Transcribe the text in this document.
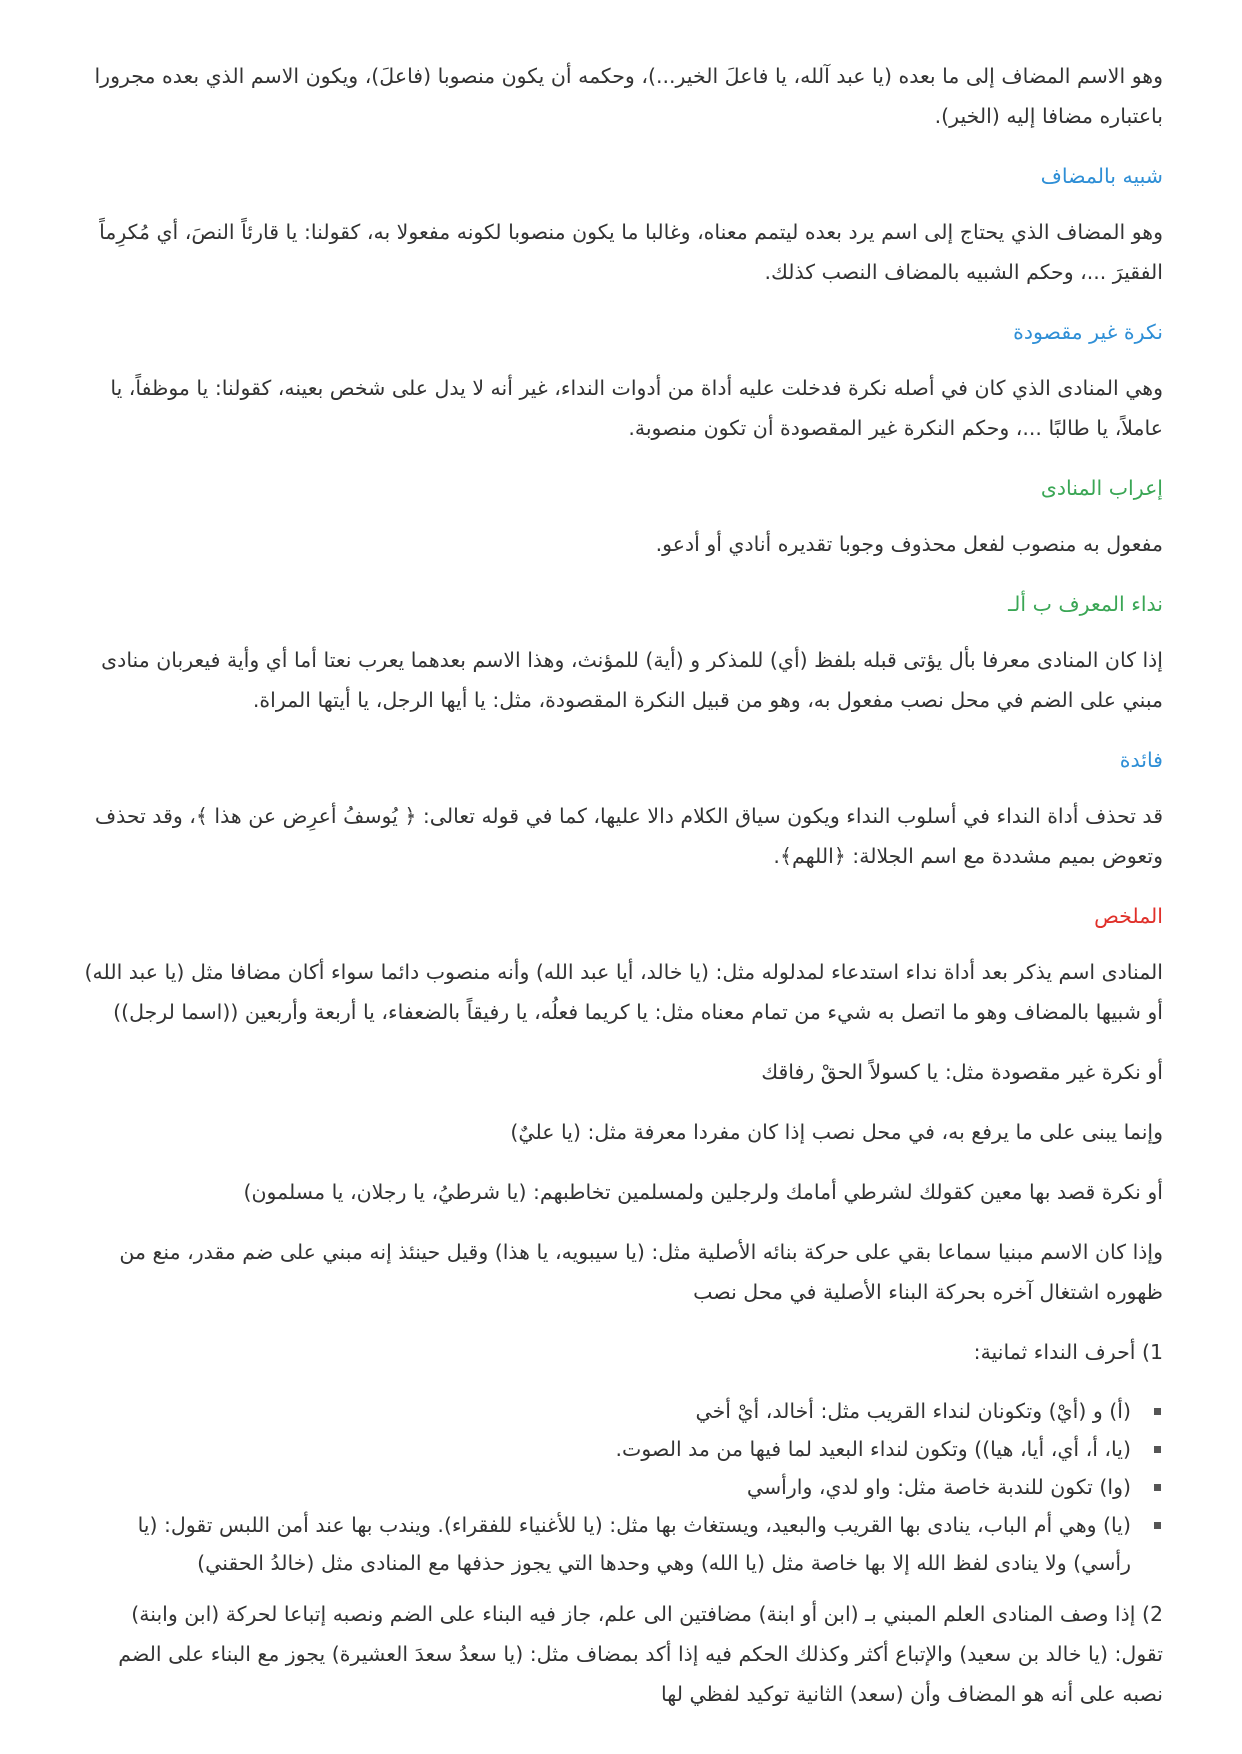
وهو الاسم المضاف إلى ما بعده (يا عبد آلله، يا فاعلَ الخير...)، وحكمه أن يكون منصوبا (فاعلَ)، ويكون الاسم الذي بعده مجرورا باعتباره مضافا إليه (الخير).

شبيه بالمضاف

وهو المضاف الذي يحتاج إلى اسم يرد بعده ليتمم معناه، وغالبا ما يكون منصوبا لكونه مفعولا به، كقولنا: يا قارئاً النصَ، أي مُكرِماً الفقيرَ ...، وحكم الشبيه بالمضاف النصب كذلك.

نكرة غير مقصودة

وهي المنادى الذي كان في أصله نكرة فدخلت عليه أداة من أدوات النداء، غير أنه لا يدل على شخص بعينه، كقولنا: يا موظفاً، يا عاملاً، يا طالبًا ...، وحكم النكرة غير المقصودة أن تكون منصوبة.

إعراب المنادى

مفعول به منصوب لفعل محذوف وجوبا تقديره أنادي أو أدعو.

نداء المعرف ب ألـ

إذا كان المنادى معرفا بأل يؤتى قبله بلفظ (أي) للمذكر و (أية) للمؤنث، وهذا الاسم بعدهما يعرب نعتا أما أي وأية فيعربان منادى مبني على الضم في محل نصب مفعول به، وهو من قبيل النكرة المقصودة، مثل: يا أيها الرجل، يا أيتها المراة.

فائدة

قد تحذف أداة النداء في أسلوب النداء ويكون سياق الكلام دالا عليها، كما في قوله تعالى: ﴿ يُوسفُ أعرِض عن هذا ﴾، وقد تحذف وتعوض بميم مشددة مع اسم الجلالة: ﴿اللهم﴾.

الملخص

المنادى اسم يذكر بعد أداة نداء استدعاء لمدلوله مثل: (يا خالد، أيا عبد الله) وأنه منصوب دائما سواء أكان مضافا مثل (يا عبد الله) أو شبيها بالمضاف وهو ما اتصل به شيء من تمام معناه مثل: يا كريما فعلُه، يا رفيقاً بالضعفاء، يا أربعة وأربعين ((اسما لرجل))

أو نكرة غير مقصودة مثل: يا كسولاً الحقْ رفاقك

وإنما يبنى على ما يرفع به، في محل نصب إذا كان مفردا معرفة مثل: (يا عليٌ)

أو نكرة قصد بها معين كقولك لشرطي أمامك ولرجلين ولمسلمين تخاطبهم: (يا شرطيُ، يا رجلان، يا مسلمون)

وإذا كان الاسم مبنيا سماعا بقي على حركة بنائه الأصلية مثل: (يا سيبويه، يا هذا) وقيل حينئذ إنه مبني على ضم مقدر، منع من ظهوره اشتغال آخره بحركة البناء الأصلية في محل نصب

1) أحرف النداء ثمانية:

(أ) و (أيْ) وتكونان لنداء القريب مثل: أخالد، أيْ أخي
(يا، أ، أي، أيا، هيا)) وتكون لنداء البعيد لما فيها من مد الصوت.
(وا) تكون للندبة خاصة مثل: واو لدي، وارأسي
(يا) وهي أم الباب، ينادى بها القريب والبعيد، ويستغاث بها مثل: (يا للأغنياء للفقراء). ويندب بها عند أمن اللبس تقول: (يا رأسي) ولا ينادى لفظ الله إلا بها خاصة مثل (يا الله) وهي وحدها التي يجوز حذفها مع المنادى مثل (خالدُ الحقني)

2) إذا وصف المنادى العلم المبني بـ (ابن أو ابنة) مضافتين الى علم، جاز فيه البناء على الضم ونصبه إتباعا لحركة (ابن وابنة) تقول: (يا خالد بن سعيد) والإتباع أكثر وكذلك الحكم فيه إذا أكد بمضاف مثل: (يا سعدُ سعدَ العشيرة) يجوز مع البناء على الضم نصبه على أنه هو المضاف وأن (سعد) الثانية توكيد لفظي لها
